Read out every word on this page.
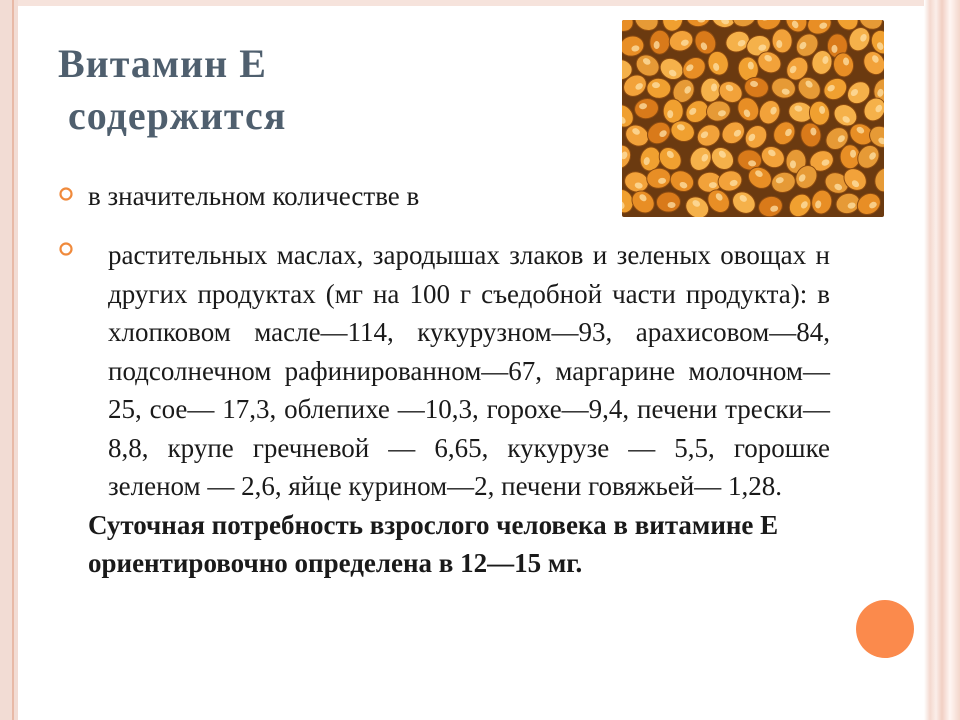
Витамин Е
содержится
в значительном количестве в
растительных маслах, зародышах злаков и зеленых овощах н других продуктах (мг на 100 г съедобной части продукта): в хлопковом масле—114, кукурузном—93, арахисовом—84, подсолнечном рафинированном—67, маргарине молочном—25, сое— 17,3, облепихе —10,3, горохе—9,4, печени трески—8,8, крупе гречневой — 6,65, кукурузе — 5,5, горошке зеленом — 2,6, яйце курином—2, печени говяжьей— 1,28.
Суточная потребность взрослого человека в витамине Е ориентировочно определена в 12—15 мг.
